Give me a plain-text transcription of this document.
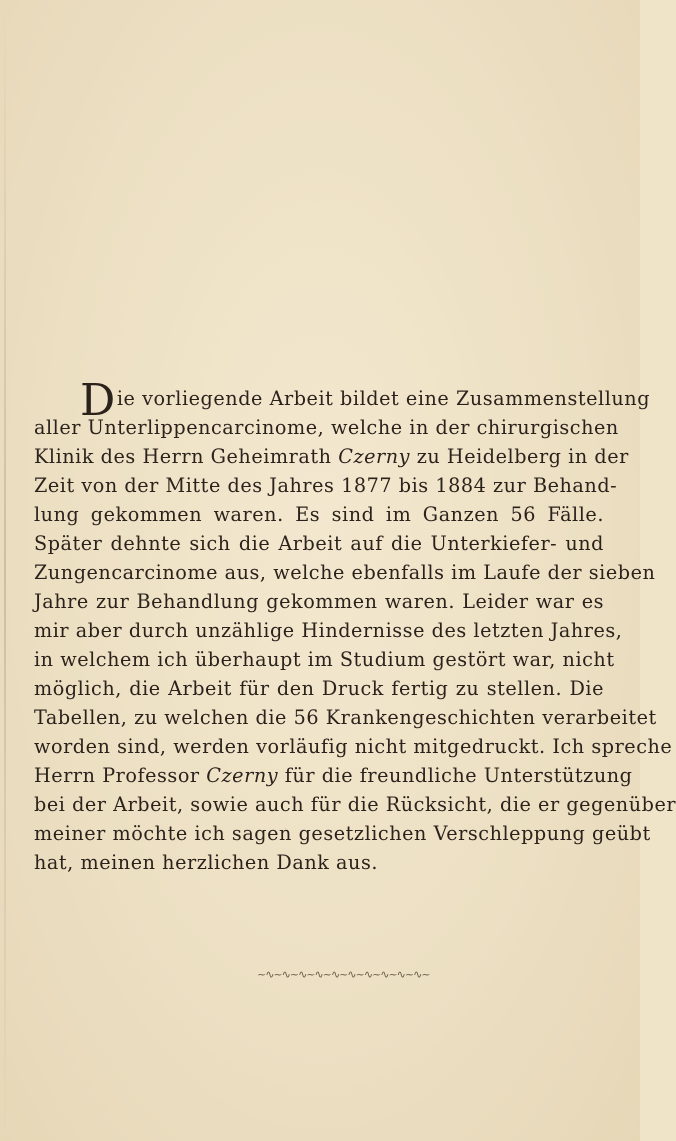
Die vorliegende Arbeit bildet eine Zusammenstellung
aller Unterlippencarcinome, welche in der chirurgischen
Klinik des Herrn Geheimrath Czerny zu Heidelberg in der
Zeit von der Mitte des Jahres 1877 bis 1884 zur Behand-
lung gekommen waren. Es sind im Ganzen 56 Fälle.
Später dehnte sich die Arbeit auf die Unterkiefer- und
Zungencarcinome aus, welche ebenfalls im Laufe der sieben
Jahre zur Behandlung gekommen waren. Leider war es
mir aber durch unzählige Hindernisse des letzten Jahres,
in welchem ich überhaupt im Studium gestört war, nicht
möglich, die Arbeit für den Druck fertig zu stellen. Die
Tabellen, zu welchen die 56 Krankengeschichten verarbeitet
worden sind, werden vorläufig nicht mitgedruckt. Ich spreche
Herrn Professor Czerny für die freundliche Unterstützung
bei der Arbeit, sowie auch für die Rücksicht, die er gegenüber
meiner möchte ich sagen gesetzlichen Verschleppung geübt
hat, meinen herzlichen Dank aus.
~∿~∿~∿~∿~∿~∿~∿~∿~∿~∿~
